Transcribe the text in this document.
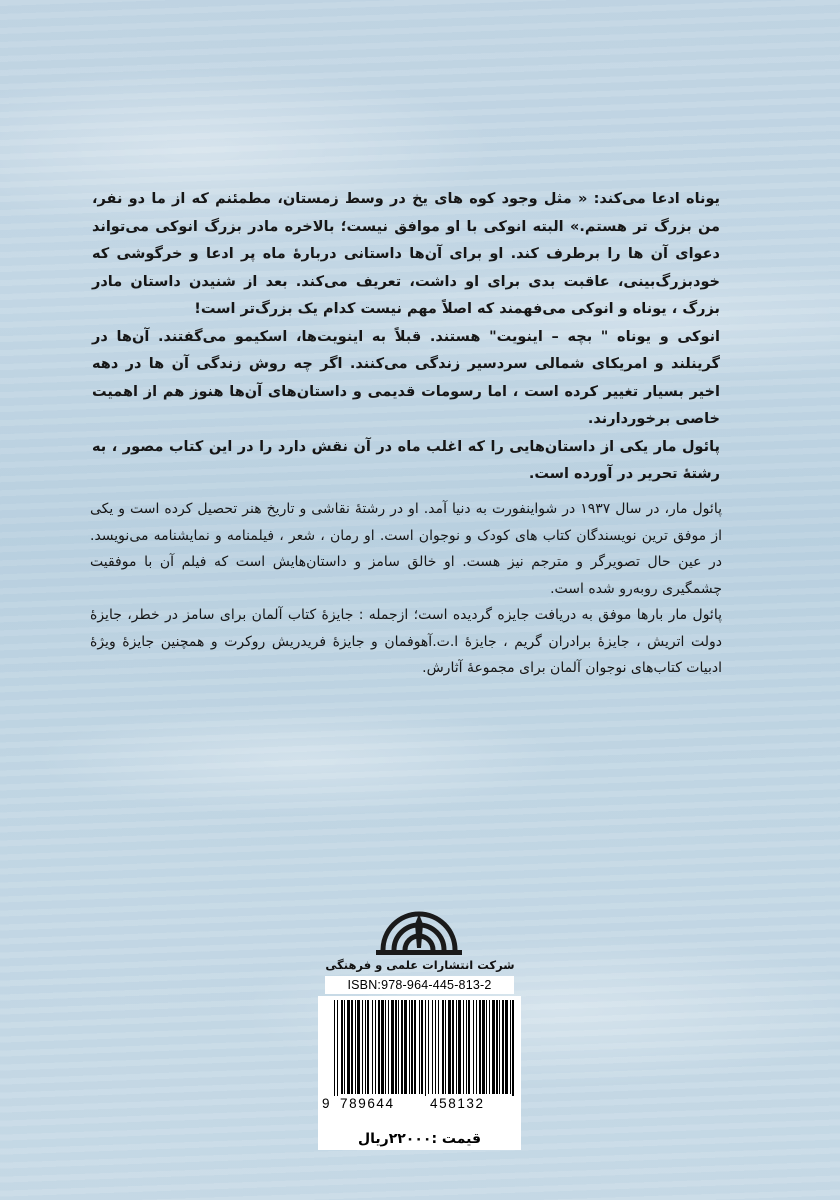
یوناه ادعا می‌کند: « مثل وجود کوه های یخ در وسط زمستان، مطمئنم که از ما دو نفر، من بزرگ تر هستم.» البته انوکی با او موافق نیست؛ بالاخره مادر بزرگ انوکی می‌تواند دعوای آن ها را برطرف کند. او برای آن‌ها داستانی دربارۀ ماه پر ادعا و خرگوشی که خودبزرگ‌بینی، عاقبت بدی برای او داشت، تعریف می‌کند. بعد از شنیدن داستان مادر بزرگ ، یوناه و انوکی می‌فهمند که اصلاً مهم نیست کدام یک بزرگ‌تر است!

انوکی و یوناه " بچه – اینویت" هستند. قبلاً به اینویت‌ها، اسکیمو می‌گفتند. آن‌ها در گرینلند و امریکای شمالی سردسیر زندگی می‌کنند. اگر چه روش زندگی آن ها در دهه اخیر بسیار تغییر کرده است ، اما رسومات قدیمی و داستان‌های آن‌ها هنوز هم از اهمیت خاصی برخوردارند.

پائول مار یکی از داستان‌هایی را که اغلب ماه در آن نقش دارد را در این کتاب مصور ، به رشتۀ تحریر در آورده است.

پائول مار، در سال ۱۹۳۷ در شواینفورت به دنیا آمد. او در رشتۀ نقاشی و تاریخ هنر تحصیل کرده است و یکی از موفق ترین نویسندگان کتاب های کودک و نوجوان است. او رمان ، شعر ، فیلمنامه و نمایشنامه می‌نویسد. در عین حال تصویرگر و مترجم نیز هست. او خالق سامز و داستان‌هایش است که فیلم آن با موفقیت چشمگیری روبه‌رو شده است.

پائول مار بارها موفق به دریافت جایزه گردیده است؛ ازجمله : جایزۀ کتاب آلمان برای سامز در خطر، جایزۀ دولت اتریش ، جایزۀ برادران گریم ، جایزۀ ا.ت.آهوفمان و جایزۀ فریدریش روکرت و همچنین جایزۀ ویژۀ ادبیات کتاب‌های نوجوان آلمان برای مجموعۀ آثارش.

شرکت انتشارات علمی و فرهنگی
ISBN:978-964-445-813-2
9 789644	458132
قیمت :۲۲۰۰۰ریال
